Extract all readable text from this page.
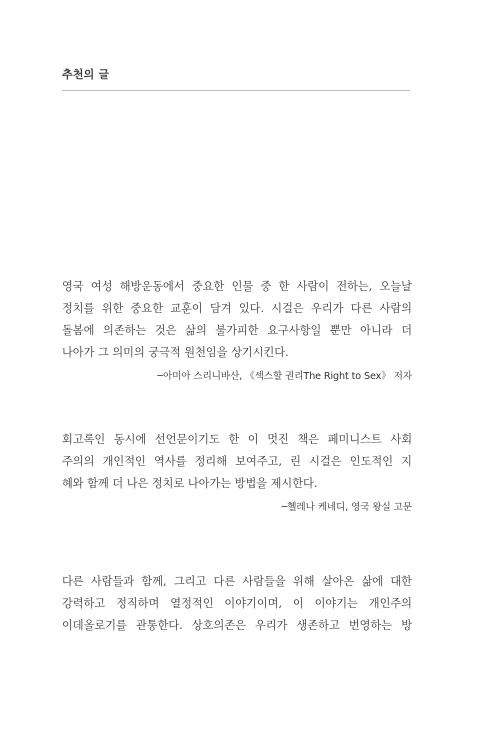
추천의 글
영국 여성 해방운동에서 중요한 인물 중 한 사람이 전하는, 오늘날
정치를 위한 중요한 교훈이 담겨 있다. 시걸은 우리가 다른 사람의
돌봄에 의존하는 것은 삶의 불가피한 요구사항일 뿐만 아니라 더
나아가 그 의미의 궁극적 원천임을 상기시킨다.
─아미아 스리니바산, 《섹스할 권리The Right to Sex》 저자
회고록인 동시에 선언문이기도 한 이 멋진 책은 페미니스트 사회
주의의 개인적인 역사를 정리해 보여주고, 린 시걸은 인도적인 지
혜와 함께 더 나은 정치로 나아가는 방법을 제시한다.
─헬레나 케네디, 영국 왕실 고문
다른 사람들과 함께, 그리고 다른 사람들을 위해 살아온 삶에 대한
강력하고 정직하며 열정적인 이야기이며, 이 이야기는 개인주의
이데올로기를 관통한다. 상호의존은 우리가 생존하고 번영하는 방
